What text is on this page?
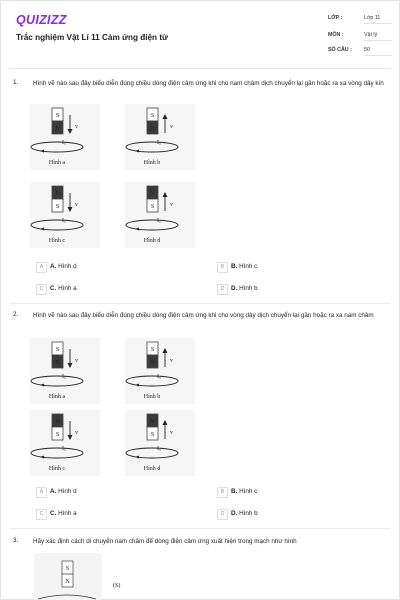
QUIZIZZ
Trắc nghiệm Vật Lí 11 Cảm ứng điện từ
LỚP :	Lớp 11
MÔN :	Vật lý
SỐ CÂU : 50
1. Hình vẽ nào sau đây biểu diễn đúng chiều dòng điện cảm ứng khi cho nam châm dịch chuyển lại gần hoặc ra xa vòng dây kín
S
N	v
I꜀
Hình a
S
N	v
I꜀
Hình b
N
S	v
I꜀
Hình c
N
S	v
I꜀
Hình d
A	A. Hình d	B	B. Hình c
C	C. Hình a	D	D. Hình b
2. Hình vẽ nào sau đây biểu diễn đúng chiều dòng điện cảm ứng khi cho vòng dây dịch chuyển lại gần hoặc ra xa nam châm
S
N	v
I꜀
Hình a
S
N	v
I꜀
Hình b
N
S	v
I꜀
Hình c
N
S	v
I꜀
Hình d
A	A. Hình d	B	B. Hình c
C	C. Hình a	D	D. Hình b
3. Hãy xác định cách di chuyển nam châm để dòng điện cảm ứng xuất hiện trong mạch như hình
S
N
(S)
